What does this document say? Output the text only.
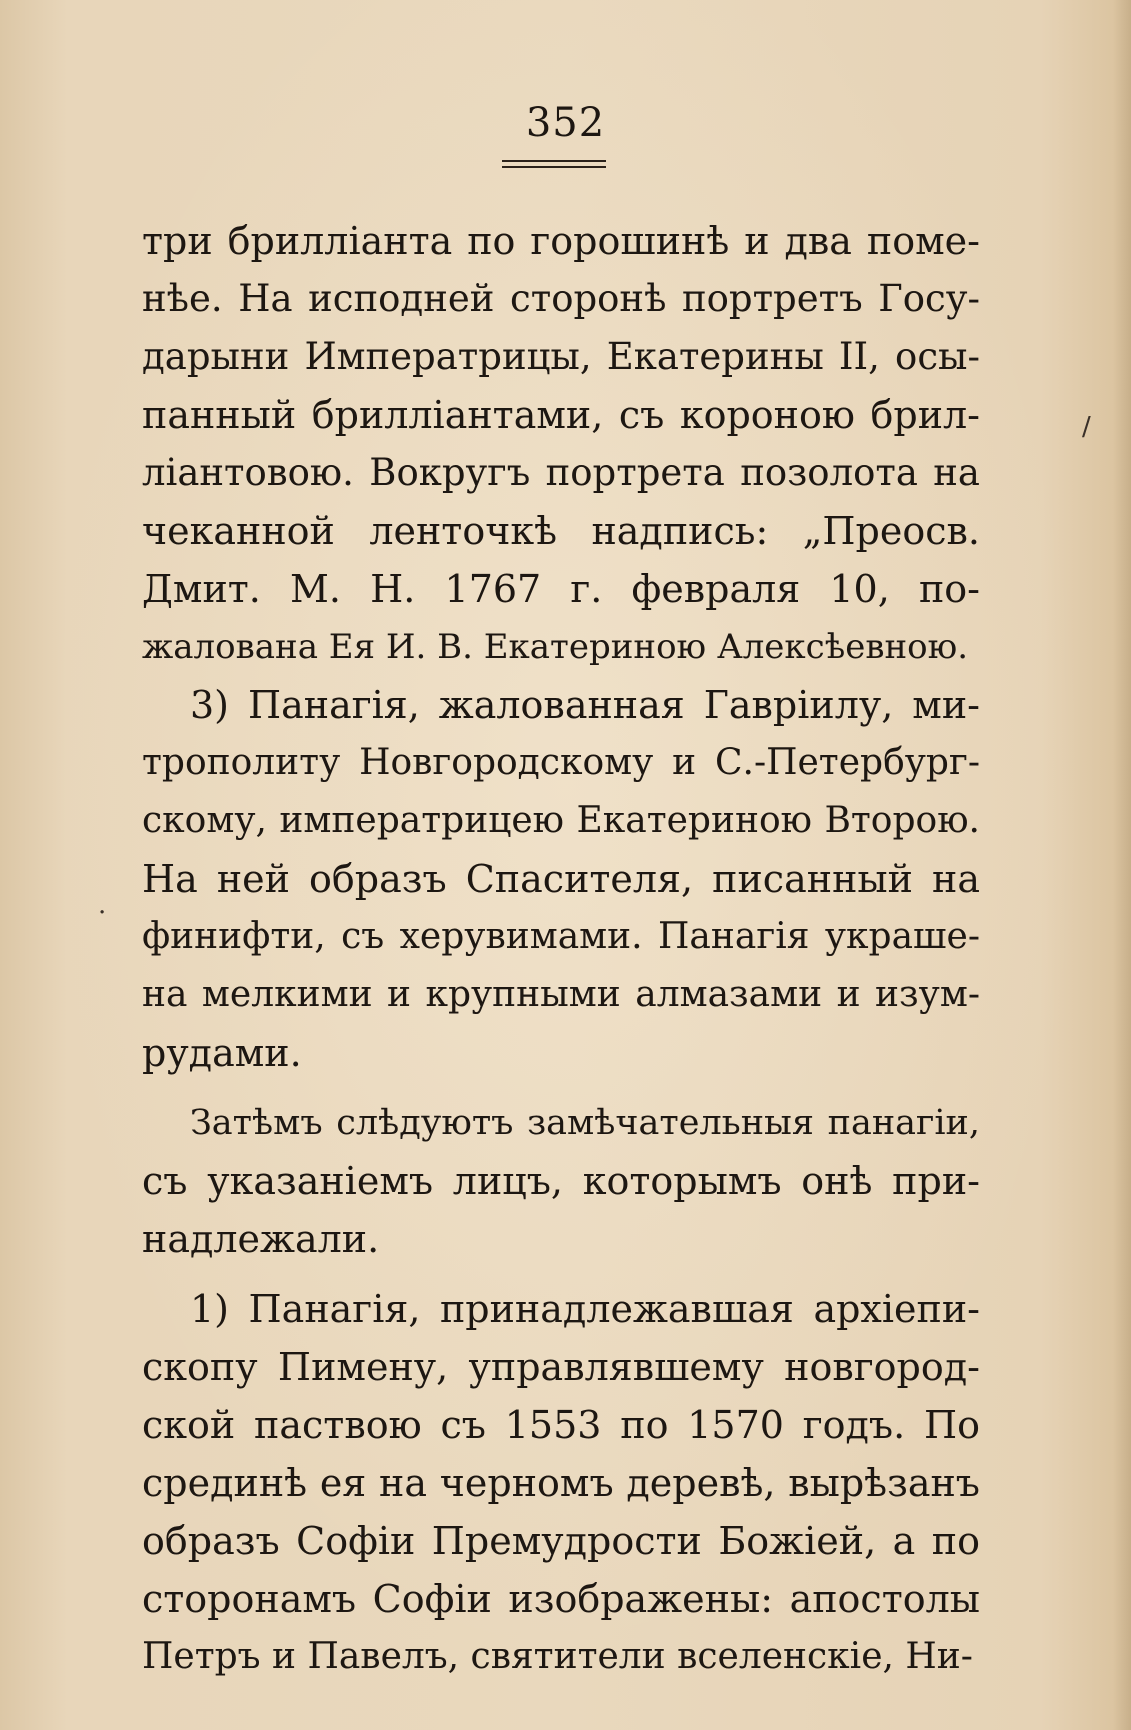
352
три брилліанта по горошинѣ и два поме-
нѣе. На исподней сторонѣ портретъ Госу-
дарыни Императрицы, Екатерины II, осы-
панный брилліантами, съ короною брил-
ліантовою. Вокругъ портрета позолота на
чеканной ленточкѣ надпись: „Преосв.
Дмит. М. Н. 1767 г. февраля 10, по-
жалована Ея И. В. Екатериною Алексѣевною.
3) Панагія, жалованная Гавріилу, ми-
трополиту Новгородскому и С.-Петербург-
скому, императрицею Екатериною Второю.
На ней образъ Спасителя, писанный на
финифти, съ херувимами. Панагія украше-
на мелкими и крупными алмазами и изум-
рудами.
Затѣмъ слѣдуютъ замѣчательныя панагіи,
съ указаніемъ лицъ, которымъ онѣ при-
надлежали.
1) Панагія, принадлежавшая архіепи-
скопу Пимену, управлявшему новгород-
ской паствою съ 1553 по 1570 годъ. По
срединѣ ея на черномъ деревѣ, вырѣзанъ
образъ Софіи Премудрости Божіей, а по
сторонамъ Софіи изображены: апостолы
Петръ и Павелъ, святители вселенскіе, Ни-
/
·
